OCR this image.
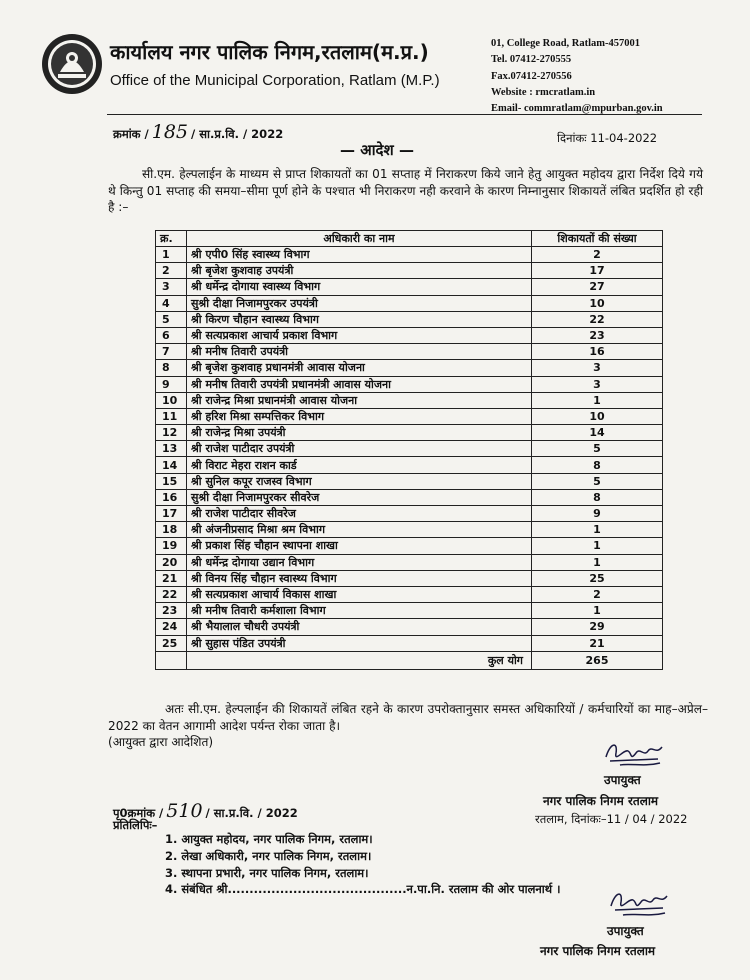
कार्यालय नगर पालिक निगम,रतलाम(म.प्र.)
Office of the Municipal Corporation, Ratlam (M.P.)
01, College Road, Ratlam-457001
Tel. 07412-270555
Fax.07412-270556
Website : rmcratlam.in
Email- commratlam@mpurban.gov.in
क्रमांक / 185 / सा.प्र.वि. / 2022	दिनांकः 11-04-2022
— आदेश —
सी.एम. हेल्पलाईन के माध्यम से प्राप्त शिकायतों का 01 सप्ताह में निराकरण किये जाने हेतु आयुक्त महोदय द्वारा निर्देश दिये गये थे किन्तु 01 सप्ताह की समया–सीमा पूर्ण होने के पश्चात भी निराकरण नही करवाने के कारण निम्नानुसार शिकायतें लंबित प्रदर्शित हो रही है :–
क्र.	अधिकारी का नाम	शिकायतों की संख्या
1	श्री एपी0 सिंह स्वास्थ्य विभाग	2
2	श्री बृजेश कुशवाह उपयंत्री	17
3	श्री धर्मेन्द्र दोगाया स्वास्थ्य विभाग	27
4	सुश्री दीक्षा निजामपुरकर उपयंत्री	10
5	श्री किरण चौहान स्वास्थ्य विभाग	22
6	श्री सत्यप्रकाश आचार्य प्रकाश विभाग	23
7	श्री मनीष तिवारी उपयंत्री	16
8	श्री बृजेश कुशवाह प्रधानमंत्री आवास योजना	3
9	श्री मनीष तिवारी उपयंत्री प्रधानमंत्री आवास योजना	3
10	श्री राजेन्द्र मिश्रा प्रधानमंत्री आवास योजना	1
11	श्री हरिश मिश्रा सम्पत्तिकर विभाग	10
12	श्री राजेन्द्र मिश्रा उपयंत्री	14
13	श्री राजेश पाटीदार उपयंत्री	5
14	श्री विराट मेहरा राशन कार्ड	8
15	श्री सुनिल कपूर राजस्व विभाग	5
16	सुश्री दीक्षा निजामपुरकर सीवरेज	8
17	श्री राजेश पाटीदार सीवरेज	9
18	श्री अंजनीप्रसाद मिश्रा श्रम विभाग	1
19	श्री प्रकाश सिंह चौहान स्थापना शाखा	1
20	श्री धर्मेन्द्र दोगाया उद्यान विभाग	1
21	श्री विनय सिंह चौहान स्वास्थ्य विभाग	25
22	श्री सत्यप्रकाश आचार्य विकास शाखा	2
23	श्री मनीष तिवारी कर्मशाला विभाग	1
24	श्री भैयालाल चौधरी उपयंत्री	29
25	श्री सुहास पंडित उपयंत्री	21
	कुल योग	265
अतः सी.एम. हेल्पलाईन की शिकायतें लंबित रहने के कारण उपरोक्तानुसार समस्त अधिकारियों / कर्मचारियों का माह–अप्रेल–2022 का वेतन आगामी आदेश पर्यन्त रोका जाता है।
(आयुक्त द्वारा आदेशित)
उपायुक्त
नगर पालिक निगम रतलाम
रतलाम, दिनांकः–11 / 04 / 2022
पृ0क्रमांक / 510 / सा.प्र.वि. / 2022
प्रतिलिपिः–
1. आयुक्त महोदय, नगर पालिक निगम, रतलाम।
2. लेखा अधिकारी, नगर पालिक निगम, रतलाम।
3. स्थापना प्रभारी, नगर पालिक निगम, रतलाम।
4. संबंधित श्री.........................................न.पा.नि. रतलाम की ओर पालनार्थ ।
उपायुक्त
नगर पालिक निगम रतलाम
